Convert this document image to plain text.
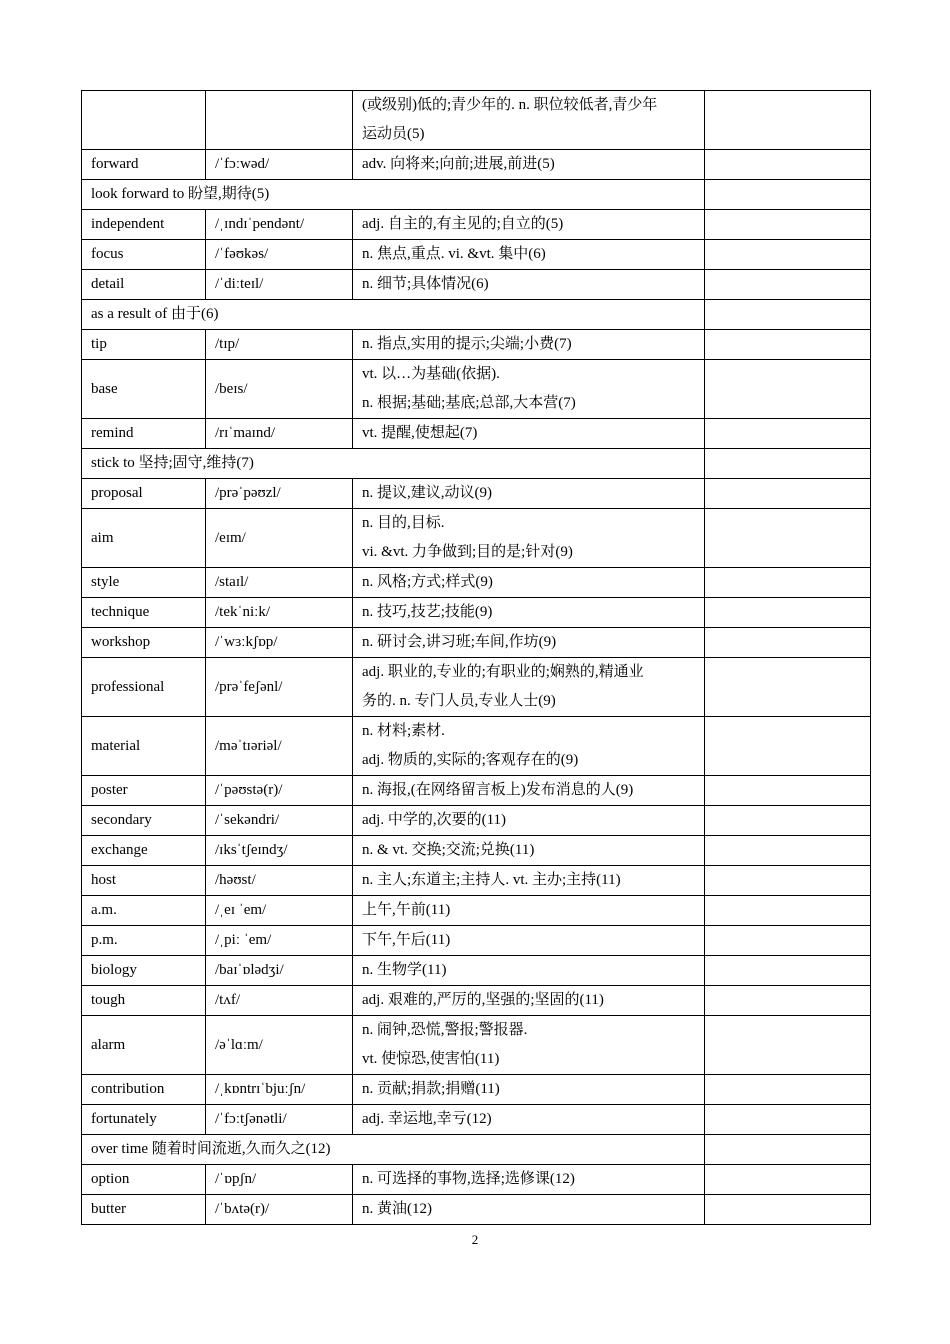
		(或级别)低的;青少年的. n. 职位较低者,青少年
运动员(5)	

forward	/ˈfɔːwəd/	adv. 向将来;向前;进展,前进(5)	

look forward to 盼望,期待(5)			
independent	/ˌɪndɪˈpendənt/	adj. 自主的,有主见的;自立的(5)	

focus	/ˈfəʊkəs/	n. 焦点,重点. vi. &vt. 集中(6)	

detail	/ˈdiːteɪl/	n. 细节;具体情况(6)	

as a result of 由于(6)			
tip	/tɪp/	n. 指点,实用的提示;尖端;小费(7)	

base	/beɪs/	vt. 以…为基础(依据).
n. 根据;基础;基底;总部,大本营(7)	

remind	/rɪˈmaɪnd/	vt. 提醒,使想起(7)	

stick to 坚持;固守,维持(7)			
proposal	/prəˈpəʊzl/	n. 提议,建议,动议(9)	

aim	/eɪm/	n. 目的,目标.
vi. &vt. 力争做到;目的是;针对(9)	

style	/staɪl/	n. 风格;方式;样式(9)	

technique	/tekˈniːk/	n. 技巧,技艺;技能(9)	

workshop	/ˈwɜːkʃɒp/	n. 研讨会,讲习班;车间,作坊(9)	

professional	/prəˈfeʃənl/	adj. 职业的,专业的;有职业的;娴熟的,精通业
务的. n. 专门人员,专业人士(9)	

material	/məˈtɪəriəl/	n. 材料;素材.
adj. 物质的,实际的;客观存在的(9)	

poster	/ˈpəʊstə(r)/	n. 海报,(在网络留言板上)发布消息的人(9)	

secondary	/ˈsekəndri/	adj. 中学的,次要的(11)	

exchange	/ɪksˈtʃeɪndʒ/	n. & vt. 交换;交流;兑换(11)	

host	/həʊst/	n. 主人;东道主;主持人. vt. 主办;主持(11)	

a.m.	/ˌeɪ ˈem/	上午,午前(11)	

p.m.	/ˌpiː ˈem/	下午,午后(11)	

biology	/baɪˈɒlədʒi/	n. 生物学(11)	

tough	/tʌf/	adj. 艰难的,严厉的,坚强的;坚固的(11)	

alarm	/əˈlɑːm/	n. 闹钟,恐慌,警报;警报器.
vt. 使惊恐,使害怕(11)	

contribution	/ˌkɒntrɪˈbjuːʃn/	n. 贡献;捐款;捐赠(11)	

fortunately	/ˈfɔːtʃənətli/	adj. 幸运地,幸亏(12)	

over time 随着时间流逝,久而久之(12)			
option	/ˈɒpʃn/	n. 可选择的事物,选择;选修课(12)	

butter	/ˈbʌtə(r)/	n. 黄油(12)	

2
